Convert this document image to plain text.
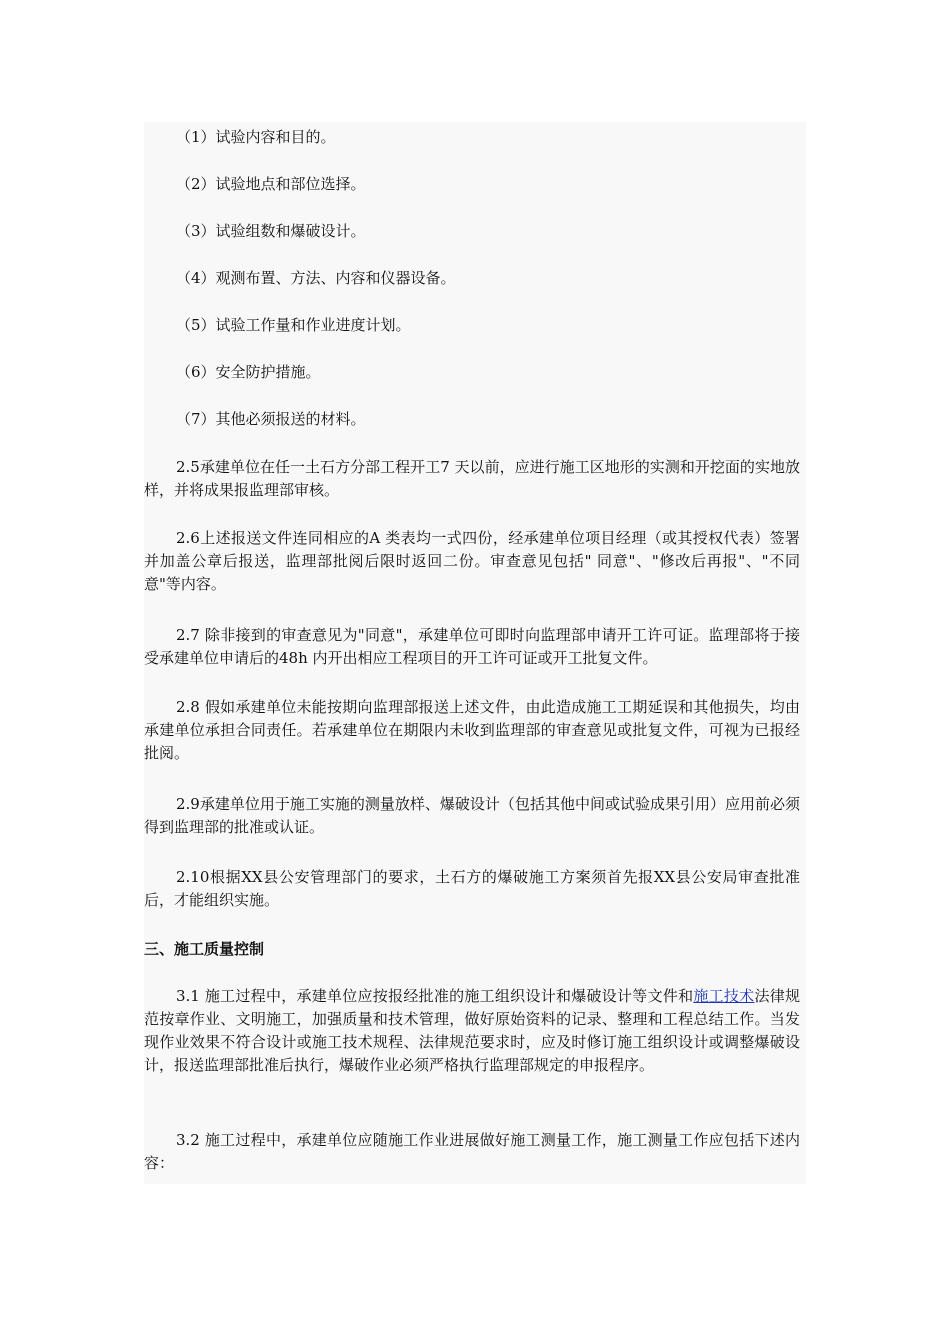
（1）试验内容和目的。
（2）试验地点和部位选择。
（3）试验组数和爆破设计。
（4）观测布置、方法、内容和仪器设备。
（5）试验工作量和作业进度计划。
（6）安全防护措施。
（7）其他必须报送的材料。
2.5承建单位在任一土石方分部工程开工7 天以前，应进行施工区地形的实测和开挖面的实地放样，并将成果报监理部审核。
2.6上述报送文件连同相应的A 类表均一式四份，经承建单位项目经理（或其授权代表）签署并加盖公章后报送，监理部批阅后限时返回二份。审查意见包括" 同意"、"修改后再报"、"不同意"等内容。
2.7 除非接到的审查意见为"同意"，承建单位可即时向监理部申请开工许可证。监理部将于接受承建单位申请后的48h 内开出相应工程项目的开工许可证或开工批复文件。
2.8 假如承建单位未能按期向监理部报送上述文件，由此造成施工工期延误和其他损失，均由承建单位承担合同责任。若承建单位在期限内未收到监理部的审查意见或批复文件，可视为已报经批阅。
2.9承建单位用于施工实施的测量放样、爆破设计（包括其他中间或试验成果引用）应用前必须得到监理部的批准或认证。
2.10根据XX县公安管理部门的要求，土石方的爆破施工方案须首先报XX县公安局审查批准后，才能组织实施。
三、施工质量控制
3.1 施工过程中，承建单位应按报经批准的施工组织设计和爆破设计等文件和施工技术法律规范按章作业、文明施工，加强质量和技术管理，做好原始资料的记录、整理和工程总结工作。当发现作业效果不符合设计或施工技术规程、法律规范要求时，应及时修订施工组织设计或调整爆破设计，报送监理部批准后执行，爆破作业必须严格执行监理部规定的申报程序。
3.2 施工过程中，承建单位应随施工作业进展做好施工测量工作，施工测量工作应包括下述内容：
